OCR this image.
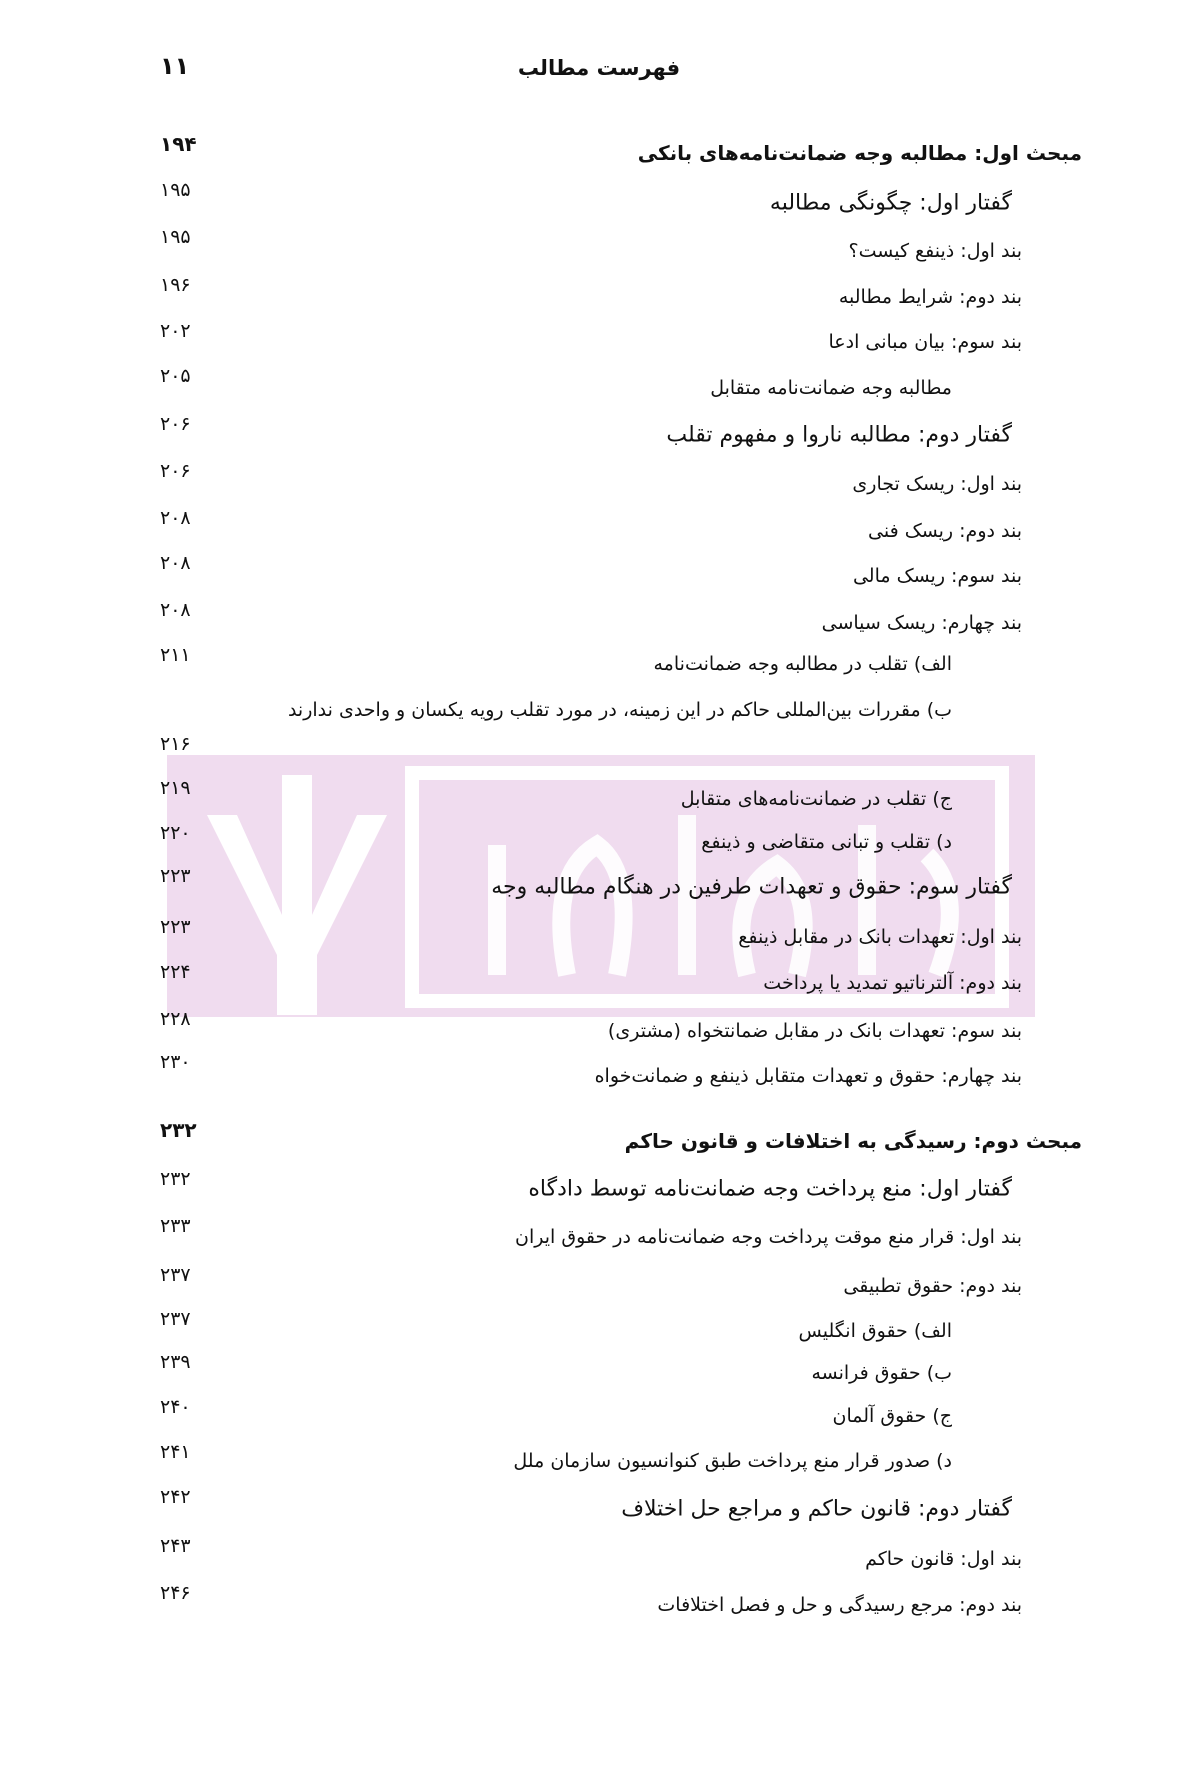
۱۱	فهرست مطالب
مبحث اول: مطالبه وجه ضمانت‌نامه‌های بانکی
۱۹۴
گفتار اول: چگونگی مطالبه
۱۹۵
بند اول: ذینفع کیست؟
۱۹۵
بند دوم: شرایط مطالبه
۱۹۶
بند سوم: بیان مبانی ادعا
۲۰۲
مطالبه وجه ضمانت‌نامه متقابل
۲۰۵
گفتار دوم: مطالبه ناروا و مفهوم تقلب
۲۰۶
بند اول: ریسک تجاری
۲۰۶
بند دوم: ریسک فنی
۲۰۸
بند سوم: ریسک مالی
۲۰۸
بند چهارم: ریسک سیاسی
۲۰۸
الف) تقلب در مطالبه وجه ضمانت‌نامه
۲۱۱
ب) مقررات بین‌المللی حاکم در این زمینه، در مورد تقلب رویه یکسان و واحدی ندارند
۲۱۶
ج) تقلب در ضمانت‌نامه‌های متقابل
۲۱۹
د) تقلب و تبانی متقاضی و ذینفع
۲۲۰
گفتار سوم: حقوق و تعهدات طرفین در هنگام مطالبه وجه
۲۲۳
بند اول: تعهدات بانک در مقابل ذینفع
۲۲۳
بند دوم: آلترناتیو تمدید یا پرداخت
۲۲۴
بند سوم: تعهدات بانک در مقابل ضمانتخواه (مشتری)
۲۲۸
بند چهارم: حقوق و تعهدات متقابل ذینفع و ضمانت‌خواه
۲۳۰
مبحث دوم: رسیدگی به اختلافات و قانون حاکم
۲۳۲
گفتار اول: منع پرداخت وجه ضمانت‌نامه توسط دادگاه
۲۳۲
بند اول: قرار منع موقت پرداخت وجه ضمانت‌نامه در حقوق ایران
۲۳۳
بند دوم: حقوق تطبیقی
۲۳۷
الف) حقوق انگلیس
۲۳۷
ب) حقوق فرانسه
۲۳۹
ج) حقوق آلمان
۲۴۰
د) صدور قرار منع پرداخت طبق کنوانسیون سازمان ملل
۲۴۱
گفتار دوم: قانون حاکم و مراجع حل اختلاف
۲۴۲
بند اول: قانون حاکم
۲۴۳
بند دوم: مرجع رسیدگی و حل و فصل اختلافات
۲۴۶
